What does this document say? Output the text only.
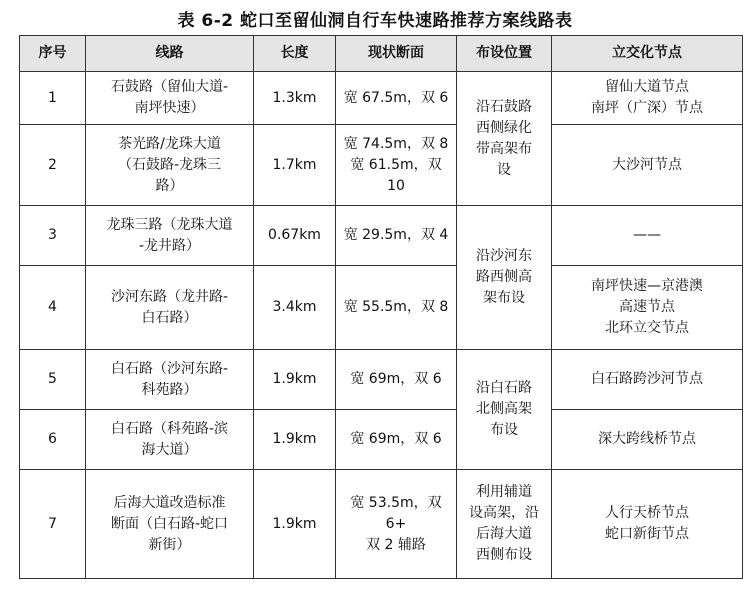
表 6-2 蛇口至留仙洞自行车快速路推荐方案线路表
序号	线路	长度	现状断面	布设位置	立交化节点

1	石鼓路（留仙大道-
南坪快速）	1.3km	宽 67.5m，双 6	沿石鼓路
西侧绿化
带高架布
设	留仙大道节点
南坪（广深）节点

2	茶光路/龙珠大道
（石鼓路-龙珠三
路）	1.7km	宽 74.5m，双 8
宽 61.5m，双 10		大沙河节点

3	龙珠三路（龙珠大道
-龙井路）	0.67km	宽 29.5m，双 4	沿沙河东
路西侧高
架布设	——

4	沙河东路（龙井路-
白石路）	3.4km	宽 55.5m，双 8		南坪快速—京港澳
高速节点
北环立交节点

5	白石路（沙河东路-
科苑路）	1.9km	宽 69m，双 6	沿白石路
北侧高架
布设	白石路跨沙河节点

6	白石路（科苑路-滨
海大道）	1.9km	宽 69m，双 6		深大跨线桥节点

7	后海大道改造标准
断面（白石路-蛇口
新街）	1.9km	宽 53.5m，双 6+
双 2 辅路	利用辅道
设高架，沿
后海大道
西侧布设	人行天桥节点
蛇口新街节点
